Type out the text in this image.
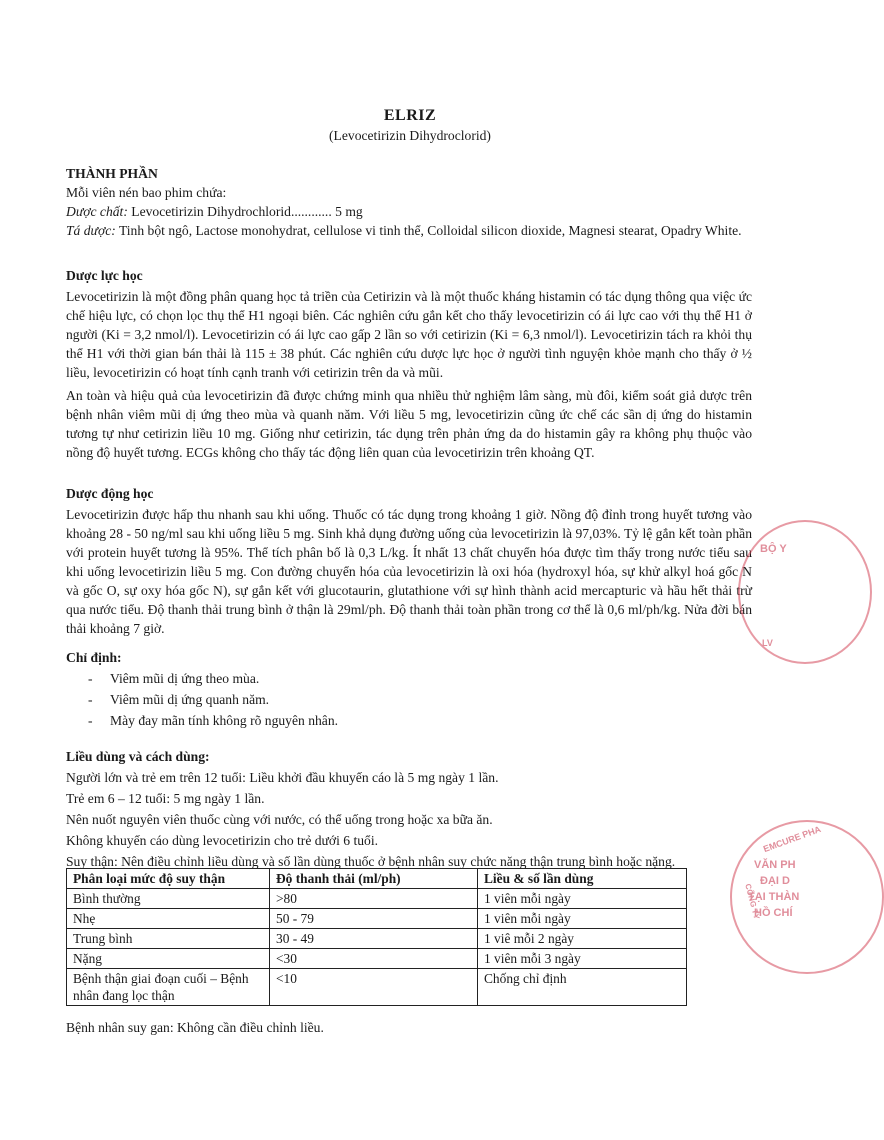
ELRIZ
(Levocetirizin Dihydroclorid)
THÀNH PHẦN

Mỗi viên nén bao phim chứa:

Dược chất: Levocetirizin Dihydrochlorid............ 5 mg

Tá dược: Tinh bột ngô, Lactose monohydrat, cellulose vi tinh thể, Colloidal silicon dioxide, Magnesi stearat, Opadry White.

Dược lực học

Levocetirizin là một đồng phân quang học tả triền của Cetirizin và là một thuốc kháng histamin có tác dụng thông qua việc ức chế hiệu lực, có chọn lọc thụ thể H1 ngoại biên. Các nghiên cứu gắn kết cho thấy levocetirizin có ái lực cao với thụ thể H1 ở người (Ki = 3,2 nmol/l). Levocetirizin có ái lực cao gấp 2 lần so với cetirizin (Ki = 6,3 nmol/l). Levocetirizin tách ra khỏi thụ thể H1 với thời gian bán thải là 115 ± 38 phút. Các nghiên cứu dược lực học ở người tình nguyện khỏe mạnh cho thấy ở ½ liều, levocetirizin có hoạt tính cạnh tranh với cetirizin trên da và mũi.

An toàn và hiệu quả của levocetirizin đã được chứng minh qua nhiều thử nghiệm lâm sàng, mù đôi, kiểm soát giả dược trên bệnh nhân viêm mũi dị ứng theo mùa và quanh năm. Với liều 5 mg, levocetirizin cũng ức chế các sần dị ứng do histamin tương tự như cetirizin liều 10 mg. Giống như cetirizin, tác dụng trên phản ứng da do histamin gây ra không phụ thuộc vào nồng độ huyết tương. ECGs không cho thấy tác động liên quan của levocetirizin trên khoảng QT.

Dược động học

Levocetirizin được hấp thu nhanh sau khi uống. Thuốc có tác dụng trong khoảng 1 giờ. Nồng độ đỉnh trong huyết tương vào khoảng 28 - 50 ng/ml sau khi uống liều 5 mg. Sinh khả dụng đường uống của levocetirizin là 97,03%. Tỷ lệ gắn kết toàn phần với protein huyết tương là 95%. Thể tích phân bố là 0,3 L/kg. Ít nhất 13 chất chuyển hóa được tìm thấy trong nước tiểu sau khi uống levocetirizin liều 5 mg. Con đường chuyển hóa của levocetirizin là oxi hóa (hydroxyl hóa, sự khử alkyl hoá gốc N và gốc O, sự oxy hóa gốc N), sự gắn kết với glucotaurin, glutathione với sự hình thành acid mercapturic và hầu hết thải trừ qua nước tiểu. Độ thanh thải trung bình ở thận là 29ml/ph. Độ thanh thải toàn phần trong cơ thể là 0,6 ml/ph/kg. Nửa đời bán thải khoảng 7 giờ.

Chỉ định:
- Viêm mũi dị ứng theo mùa.
- Viêm mũi dị ứng quanh năm.
- Mày đay mãn tính không rõ nguyên nhân.
Liều dùng và cách dùng:

Người lớn và trẻ em trên 12 tuổi: Liều khởi đầu khuyến cáo là 5 mg ngày 1 lần.

Trẻ em 6 – 12 tuổi: 5 mg ngày 1 lần.

Nên nuốt nguyên viên thuốc cùng với nước, có thể uống trong hoặc xa bữa ăn.

Không khuyến cáo dùng levocetirizin cho trẻ dưới 6 tuổi.

Suy thận: Nên điều chỉnh liều dùng và số lần dùng thuốc ở bệnh nhân suy chức năng thận trung bình hoặc nặng.

Phân loại mức độ suy thận	Độ thanh thải (ml/ph)	Liều & số lần dùng
Bình thường	>80	1 viên mỗi ngày
Nhẹ	50 - 79	1 viên mỗi ngày
Trung bình	30 - 49	1 viê mỗi 2 ngày
Nặng	<30	1 viên mỗi 3 ngày
Bệnh thận giai đoạn cuối – Bệnh nhân đang lọc thận	<10	Chống chỉ định

Bệnh nhân suy gan: Không cần điều chỉnh liều.

BỘ Y
LV
EMCURE PHA
VĂN PH
ĐẠI D
TẠI THÀN
HỒ CHÍ
CÔNG TY
